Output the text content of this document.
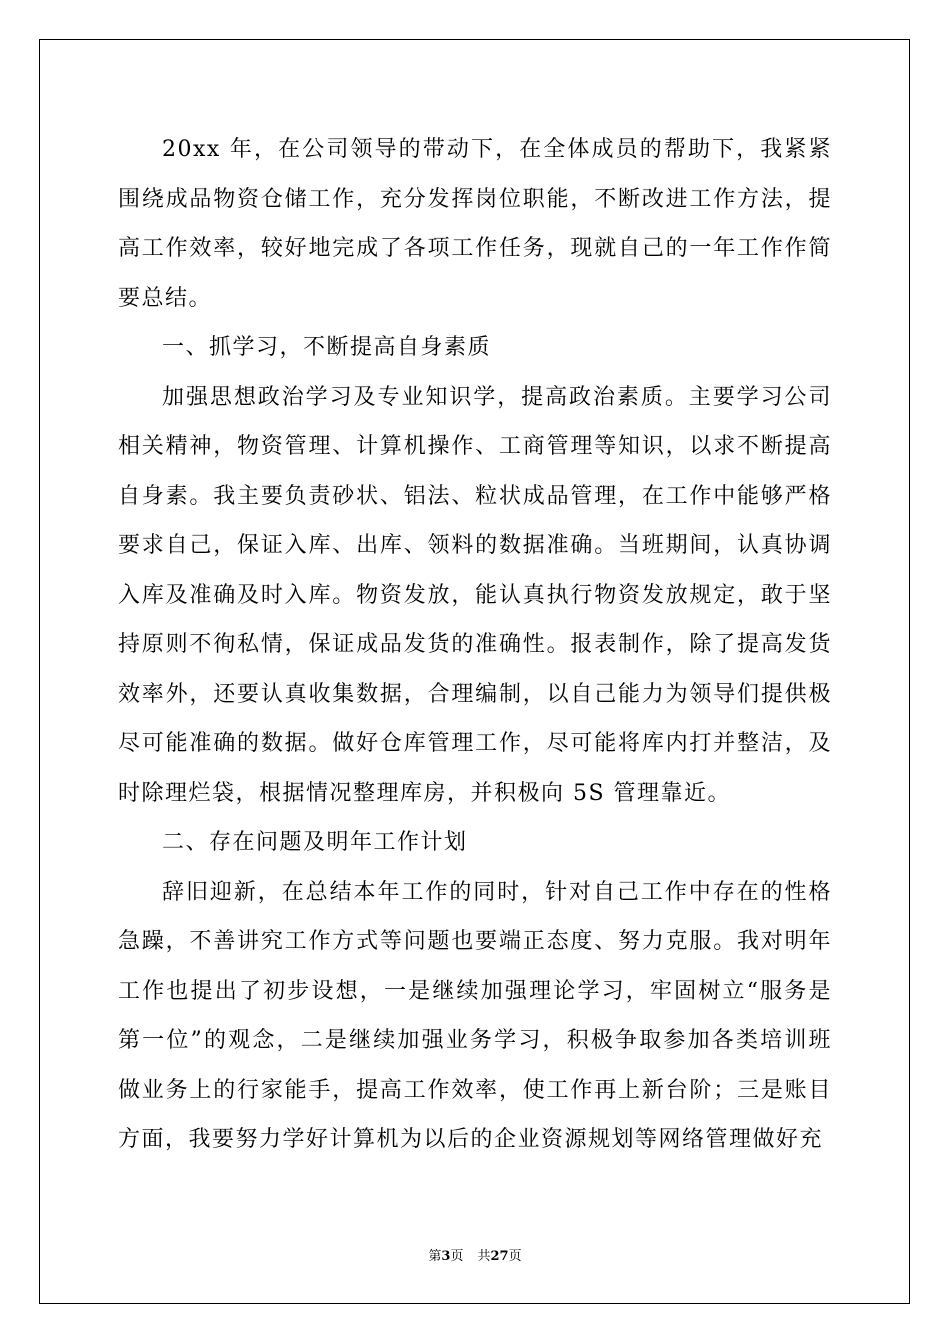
20xx 年，在公司领导的带动下，在全体成员的帮助下，我紧紧围绕成品物资仓储工作，充分发挥岗位职能，不断改进工作方法，提高工作效率，较好地完成了各项工作任务，现就自己的一年工作作简要总结。

一、抓学习，不断提高自身素质

加强思想政治学习及专业知识学，提高政治素质。主要学习公司相关精神，物资管理、计算机操作、工商管理等知识，以求不断提高自身素。我主要负责砂状、铝法、粒状成品管理，在工作中能够严格要求自己，保证入库、出库、领料的数据准确。当班期间，认真协调入库及准确及时入库。物资发放，能认真执行物资发放规定，敢于坚持原则不徇私情，保证成品发货的准确性。报表制作，除了提高发货效率外，还要认真收集数据，合理编制，以自己能力为领导们提供极尽可能准确的数据。做好仓库管理工作，尽可能将库内打并整洁，及时除理烂袋，根据情况整理库房，并积极向 5S 管理靠近。

二、存在问题及明年工作计划

辞旧迎新，在总结本年工作的同时，针对自己工作中存在的性格急躁，不善讲究工作方式等问题也要端正态度、努力克服。我对明年工作也提出了初步设想，一是继续加强理论学习，牢固树立“服务是第一位”的观念，二是继续加强业务学习，积极争取参加各类培训班做业务上的行家能手，提高工作效率，使工作再上新台阶；三是账目方面，我要努力学好计算机为以后的企业资源规划等网络管理做好充

第3页 共27页
